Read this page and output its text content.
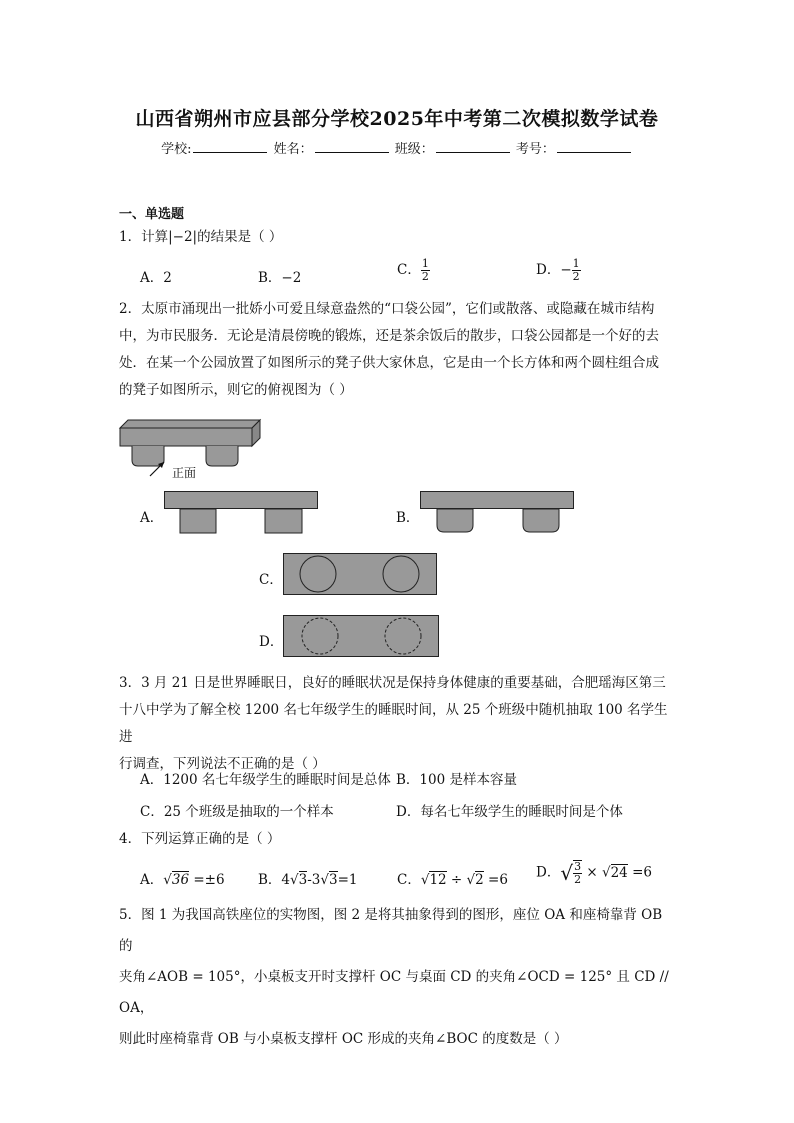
山西省朔州市应县部分学校2025年中考第二次模拟数学试卷
学校:	姓名：	班级：	考号：
一、单选题
1．计算|−2|的结果是（ ）
A．2	B．−2	C． $\frac{1}{2}$	D．− $\frac{1}{2}$
2．太原市涌现出一批娇小可爱且绿意盎然的“口袋公园”，它们或散落、或隐藏在城市结构
中，为市民服务．无论是清晨傍晚的锻炼，还是茶余饭后的散步，口袋公园都是一个好的去
处．在某一个公园放置了如图所示的凳子供大家休息，它是由一个长方体和两个圆柱组合成
的凳子如图所示，则它的俯视图为（ ）
正面
A．	B．
C．
D．
3．3 月 21 日是世界睡眠日，良好的睡眠状况是保持身体健康的重要基础，合肥瑶海区第三
十八中学为了解全校 1200 名七年级学生的睡眠时间，从 25 个班级中随机抽取 100 名学生进
行调查，下列说法不正确的是（ ）
A．1200 名七年级学生的睡眠时间是总体 B．100 是样本容量
C．25 个班级是抽取的一个样本	D．每名七年级学生的睡眠时间是个体
4．下列运算正确的是（ ）
A．√36 =±6 B．4√3-3√3=1	C．√12 ÷ √2 =6 D．√ $\frac{3}{2} \times √24 =6$
5．图 1 为我国高铁座位的实物图，图 2 是将其抽象得到的图形，座位 OA 和座椅靠背 OB 的
夹角∠AOB = 105°，小桌板支开时支撑杆 OC 与桌面 CD 的夹角∠OCD = 125° 且 CD // OA，
则此时座椅靠背 OB 与小桌板支撑杆 OC 形成的夹角∠BOC 的度数是（ ）
